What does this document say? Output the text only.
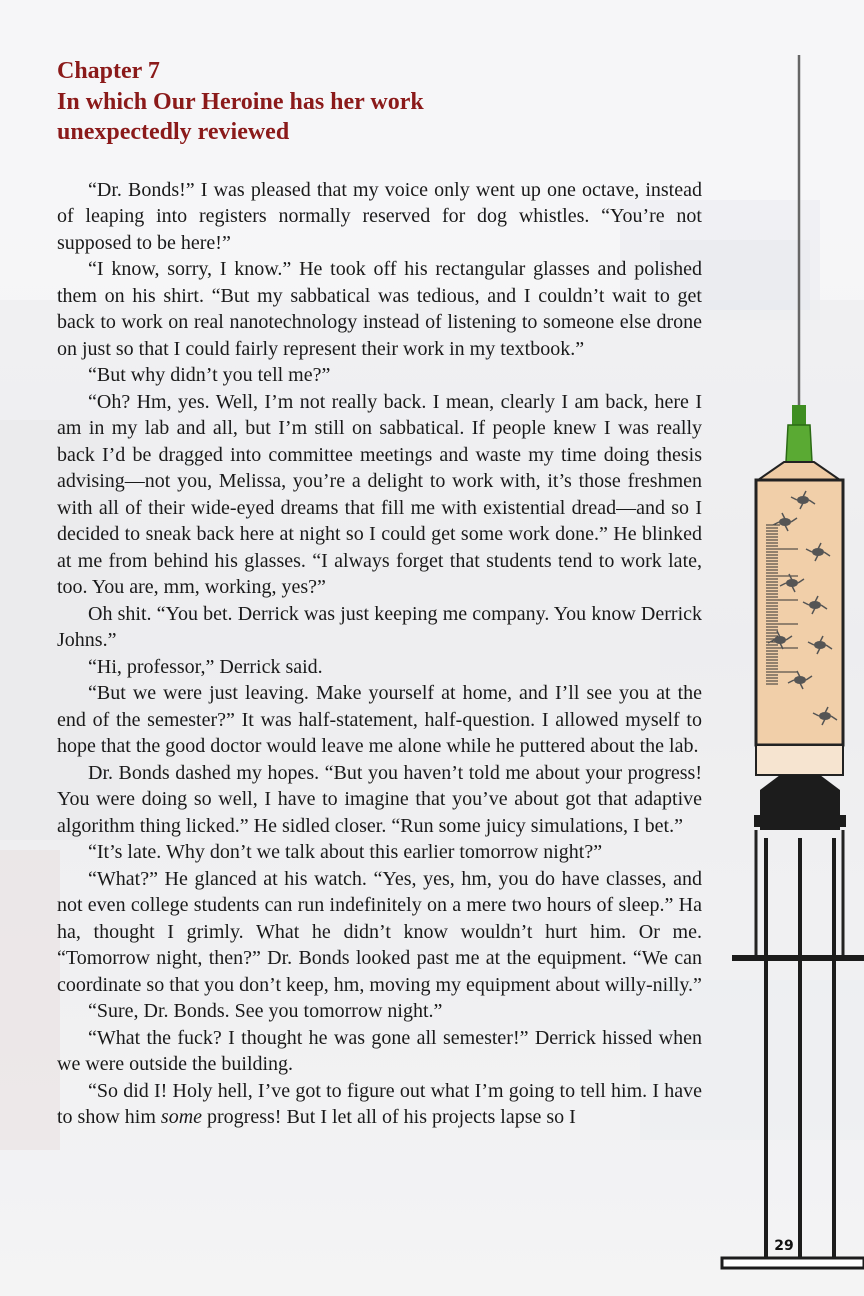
Chapter 7
In which Our Heroine has her work
unexpectedly reviewed

“Dr. Bonds!” I was pleased that my voice only went up one octave, instead of leaping into registers normally reserved for dog whistles. “You’re not supposed to be here!”

“I know, sorry, I know.” He took off his rectangular glasses and polished them on his shirt. “But my sabbatical was tedious, and I couldn’t wait to get back to work on real nanotechnology instead of listening to someone else drone on just so that I could fairly represent their work in my textbook.”

“But why didn’t you tell me?”

“Oh? Hm, yes. Well, I’m not really back. I mean, clearly I am back, here I am in my lab and all, but I’m still on sabbatical. If people knew I was really back I’d be dragged into committee meetings and waste my time doing thesis advising—not you, Melissa, you’re a delight to work with, it’s those freshmen with all of their wide-eyed dreams that fill me with existential dread—and so I decided to sneak back here at night so I could get some work done.” He blinked at me from behind his glasses. “I always forget that students tend to work late, too. You are, mm, working, yes?”

Oh shit. “You bet. Derrick was just keeping me company. You know Derrick Johns.”

“Hi, professor,” Derrick said.

“But we were just leaving. Make yourself at home, and I’ll see you at the end of the semester?” It was half-statement, half-question. I allowed myself to hope that the good doctor would leave me alone while he puttered about the lab.

Dr. Bonds dashed my hopes. “But you haven’t told me about your progress! You were doing so well, I have to imagine that you’ve about got that adaptive algorithm thing licked.” He sidled closer. “Run some juicy simulations, I bet.”

“It’s late. Why don’t we talk about this earlier tomorrow night?”

“What?” He glanced at his watch. “Yes, yes, hm, you do have classes, and not even college students can run indefinitely on a mere two hours of sleep.” Ha ha, thought I grimly. What he didn’t know wouldn’t hurt him. Or me. “Tomorrow night, then?” Dr. Bonds looked past me at the equipment. “We can coordinate so that you don’t keep, hm, moving my equipment about willy-nilly.”

“Sure, Dr. Bonds. See you tomorrow night.”

“What the fuck? I thought he was gone all semester!” Derrick hissed when we were outside the building.

“So did I! Holy hell, I’ve got to figure out what I’m going to tell him. I have to show him some progress! But I let all of his projects lapse so I

29
